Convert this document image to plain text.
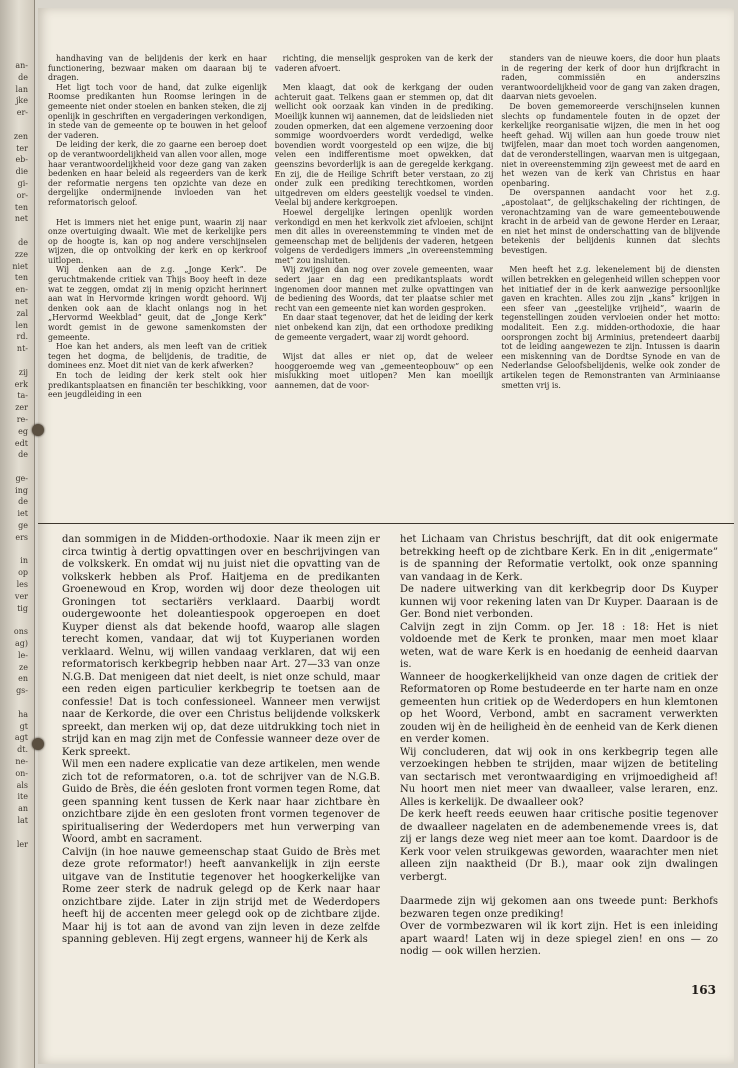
an-
de
lan
jke
er-

zen
ter
eb-
die
gi-
or-
ten
net

de
zze
niet
ten
en-
net
zal
len
rd.
nt-

zij
erk
ta-
zer
re-
eg
edt
de

ge-
ing
de
iet
ge
ers

in
op
les
ver
tig

ons
ag)
le-
ze
en
gs-

ha
gt
agt
dt.
ne-
on-
als
ite
an
lat

ler

handhaving van de belijdenis der kerk en haar functionering, bezwaar maken om daaraan bij te dragen.

Het ligt toch voor de hand, dat zulke eigenlijk Roomse predikanten hun Roomse leringen in de gemeente niet onder stoelen en banken steken, die zij openlijk in geschriften en vergaderingen verkondigen, in stede van de gemeente op te bouwen in het geloof der vaderen.

De leiding der kerk, die zo gaarne een beroep doet op de verantwoordelijkheid van allen voor allen, moge haar verantwoordelijkheid voor deze gang van zaken bedenken en haar beleid als regeerders van de kerk der reformatie nergens ten opzichte van deze en dergelijke ondermijnende invloeden van het reformatorisch geloof.

Het is immers niet het enige punt, waarin zij naar onze overtuiging dwaalt. Wie met de kerkelijke pers op de hoogte is, kan op nog andere verschijnselen wijzen, die op ontvolking der kerk en op kerkroof uitlopen.

Wij denken aan de z.g. „Jonge Kerk”. De geruchtmakende critiek van Thijs Booy heeft in deze wat te zeggen, omdat zij in menig opzicht herinnert aan wat in Hervormde kringen wordt gehoord. Wij denken ook aan de klacht onlangs nog in het „Hervormd Weekblad” geuit, dat de „Jonge Kerk” wordt gemist in de gewone samenkomsten der gemeente.

Hoe kan het anders, als men leeft van de critiek tegen het dogma, de belijdenis, de traditie, de dominees enz. Moet dit niet van de kerk afwerken?

En toch de leiding der kerk stelt ook hier predikantsplaatsen en financiën ter beschikking, voor een jeugdleiding in een

richting, die menselijk gesproken van de kerk der vaderen afvoert.

Men klaagt, dat ook de kerkgang der ouden achteruit gaat. Telkens gaan er stemmen op, dat dit wellicht ook oorzaak kan vinden in de prediking. Moeilijk kunnen wij aannemen, dat de leidslieden niet zouden opmerken, dat een algemene verzoening door sommige woordvoerders wordt verdedigd, welke bovendien wordt voorgesteld op een wijze, die bij velen een indifferentisme moet opwekken, dat geenszins bevorderlijk is aan de geregelde kerkgang. En zij, die de Heilige Schrift beter verstaan, zo zij onder zulk een prediking terechtkomen, worden uitgedreven om elders geestelijk voedsel te vinden. Veelal bij andere kerkgroepen.

Hoewel dergelijke leringen openlijk worden verkondigd en men het kerkvolk ziet afvloeien, schijnt men dit alles in overeenstemming te vinden met de gemeenschap met de belijdenis der vaderen, hetgeen volgens de verdedigers immers „in overeenstemming met” zou insluiten.

Wij zwijgen dan nog over zovele gemeenten, waar sedert jaar en dag een predikantsplaats wordt ingenomen door mannen met zulke opvattingen van de bediening des Woords, dat ter plaatse schier met recht van een gemeente niet kan worden gesproken.

En daar staat tegenover, dat het de leiding der kerk niet onbekend kan zijn, dat een orthodoxe prediking de gemeente vergadert, waar zij wordt gehoord.

Wijst dat alles er niet op, dat de weleer hooggeroemde weg van „gemeenteopbouw” op een mislukking moet uitlopen? Men kan moeilijk aannemen, dat de voor-

standers van de nieuwe koers, die door hun plaats in de regering der kerk of door hun drijfkracht in raden, commissiën en anderszins verantwoordelijkheid voor de gang van zaken dragen, daarvan niets gevoelen.

De boven gememoreerde verschijnselen kunnen slechts op fundamentele fouten in de opzet der kerkelijke reorganisatie wijzen, die men in het oog heeft gehad. Wij willen aan hun goede trouw niet twijfelen, maar dan moet toch worden aangenomen, dat de veronderstellingen, waarvan men is uitgegaan, niet in overeenstemming zijn geweest met de aard en het wezen van de kerk van Christus en haar openbaring.

De overspannen aandacht voor het z.g. „apostolaat”, de gelijkschakeling der richtingen, de veronachtzaming van de ware gemeentebouwende kracht in de arbeid van de gewone Herder en Leraar, en niet het minst de onderschatting van de blijvende betekenis der belijdenis kunnen dat slechts bevestigen.

Men heeft het z.g. lekenelement bij de diensten willen betrekken en gelegenheid willen scheppen voor het initiatief der in de kerk aanwezige persoonlijke gaven en krachten. Alles zou zijn „kans” krijgen in een sfeer van „geestelijke vrijheid”, waarin de tegenstellingen zouden vervloeien onder het motto: modaliteit. Een z.g. midden-orthodoxie, die haar oorsprongen zocht bij Arminius, pretendeert daarbij tot de leiding aangewezen te zijn. Intussen is daarin een miskenning van de Dordtse Synode en van de Nederlandse Geloofsbelijdenis, welke ook zonder de artikelen tegen de Remonstranten van Arminiaanse smetten vrij is.

dan sommigen in de Midden-orthodoxie. Naar ik meen zijn er circa twintig à dertig opvattingen over en beschrijvingen van de volkskerk. En omdat wij nu juist niet die opvatting van de volkskerk hebben als Prof. Haitjema en de predikanten Groenewoud en Krop, worden wij door deze theologen uit Groningen tot sectariërs verklaard. Daarbij wordt oudergewoonte het doleantiespook opgeroepen en doet Kuyper dienst als dat bekende hoofd, waarop alle slagen terecht komen, vandaar, dat wij tot Kuyperianen worden verklaard. Welnu, wij willen vandaag verklaren, dat wij een reformatorisch kerkbegrip hebben naar Art. 27—33 van onze N.G.B. Dat menigeen dat niet deelt, is niet onze schuld, maar een reden eigen particulier kerkbegrip te toetsen aan de confessie! Dat is toch confessioneel. Wanneer men verwijst naar de Kerkorde, die over een Christus belijdende volkskerk spreekt, dan merken wij op, dat deze uitdrukking toch niet in strijd kan en mag zijn met de Confessie wanneer deze over de Kerk spreekt.

Wil men een nadere explicatie van deze artikelen, men wende zich tot de reformatoren, o.a. tot de schrijver van de N.G.B. Guido de Brès, die één gesloten front vormen tegen Rome, dat geen spanning kent tussen de Kerk naar haar zichtbare èn onzichtbare zijde èn een gesloten front vormen tegenover de spiritualisering der Wederdopers met hun verwerping van Woord, ambt en sacrament.

Calvijn (in hoe nauwe gemeenschap staat Guido de Brès met deze grote reformator!) heeft aanvankelijk in zijn eerste uitgave van de Institutie tegenover het hoogkerkelijke van Rome zeer sterk de nadruk gelegd op de Kerk naar haar onzichtbare zijde. Later in zijn strijd met de Wederdopers heeft hij de accenten meer gelegd ook op de zichtbare zijde. Maar hij is tot aan de avond van zijn leven in deze zelfde spanning gebleven. Hij zegt ergens, wanneer hij de Kerk als

het Lichaam van Christus beschrijft, dat dit ook enigermate betrekking heeft op de zichtbare Kerk. En in dit „enigermate” is de spanning der Reformatie vertolkt, ook onze spanning van vandaag in de Kerk.

De nadere uitwerking van dit kerkbegrip door Ds Kuyper kunnen wij voor rekening laten van Dr Kuyper. Daaraan is de Ger. Bond niet verbonden.

Calvijn zegt in zijn Comm. op Jer. 18 : 18: Het is niet voldoende met de Kerk te pronken, maar men moet klaar weten, wat de ware Kerk is en hoedanig de eenheid daarvan is.

Wanneer de hoogkerkelijkheid van onze dagen de critiek der Reformatoren op Rome bestudeerde en ter harte nam en onze gemeenten hun critiek op de Wederdopers en hun klemtonen op het Woord, Verbond, ambt en sacrament verwerkten zouden wij èn de heiligheid èn de eenheid van de Kerk dienen en verder komen.

Wij concluderen, dat wij ook in ons kerkbegrip tegen alle verzoekingen hebben te strijden, maar wijzen de betiteling van sectarisch met verontwaardiging en vrijmoedigheid af! Nu hoort men niet meer van dwaalleer, valse leraren, enz. Alles is kerkelijk. De dwaalleer ook?

De kerk heeft reeds eeuwen haar critische positie tegenover de dwaalleer nagelaten en de adembenemende vrees is, dat zij er langs deze weg niet meer aan toe komt. Daardoor is de Kerk voor velen struikgewas geworden, waarachter men niet alleen zijn naaktheid (Dr B.), maar ook zijn dwalingen verbergt.

Daarmede zijn wij gekomen aan ons tweede punt: Berkhofs bezwaren tegen onze prediking!

Over de vormbezwaren wil ik kort zijn. Het is een inleiding apart waard! Laten wij in deze spiegel zien! en ons — zo nodig — ook willen herzien.

163
